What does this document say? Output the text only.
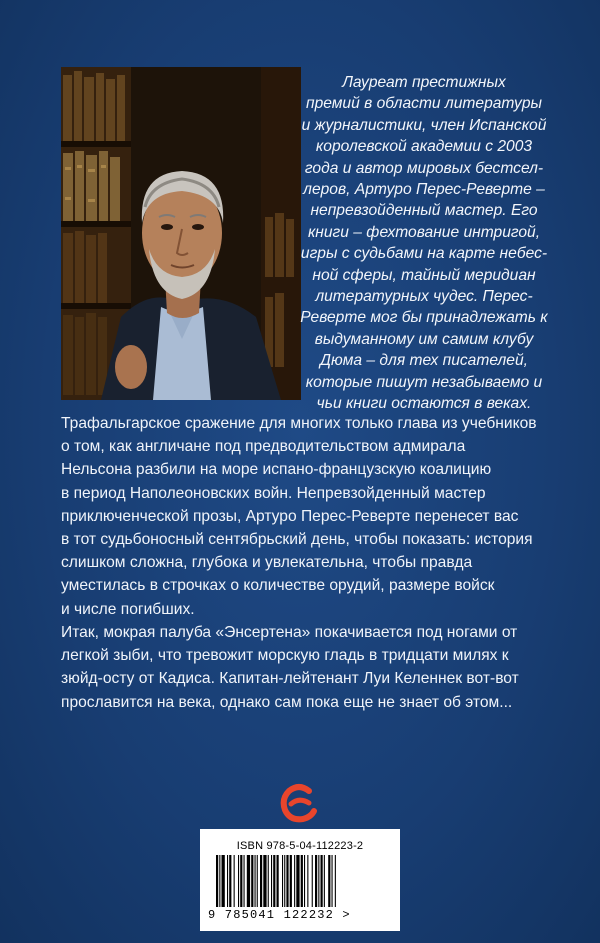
Лауреат престижных
премий в области литературы
и журналистики, член Испанской
королевской академии с 2003
года и автор мировых бестсел-
леров, Артуро Перес-Реверте –
непревзойденный мастер. Его
книги – фехтование интригой,
игры с судьбами на карте небес-
ной сферы, тайный меридиан
литературных чудес. Перес-
Реверте мог бы принадлежать к
выдуманному им самим клубу
Дюма – для тех писателей,
которые пишут незабываемо и
чьи книги остаются в веках.

Трафальгарское сражение для многих только глава из учебников
о том, как англичане под предводительством адмирала
Нельсона разбили на море испано-французскую коалицию
в период Наполеоновских войн. Непревзойденный мастер
приключенческой прозы, Артуро Перес-Реверте перенесет вас
в тот судьбоносный сентябрьский день, чтобы показать: история
слишком сложна, глубока и увлекательна, чтобы правда
уместилась в строчках о количестве орудий, размере войск
и числе погибших.
Итак, мокрая палуба «Энсертена» покачивается под ногами от
легкой зыби, что тревожит морскую гладь в тридцати милях к
зюйд-осту от Кадиса. Капитан-лейтенант Луи Келеннек вот-вот
прославится на века, однако сам пока еще не знает об этом...
ISBN 978-5-04-112223-2
9 785041 122232 >
